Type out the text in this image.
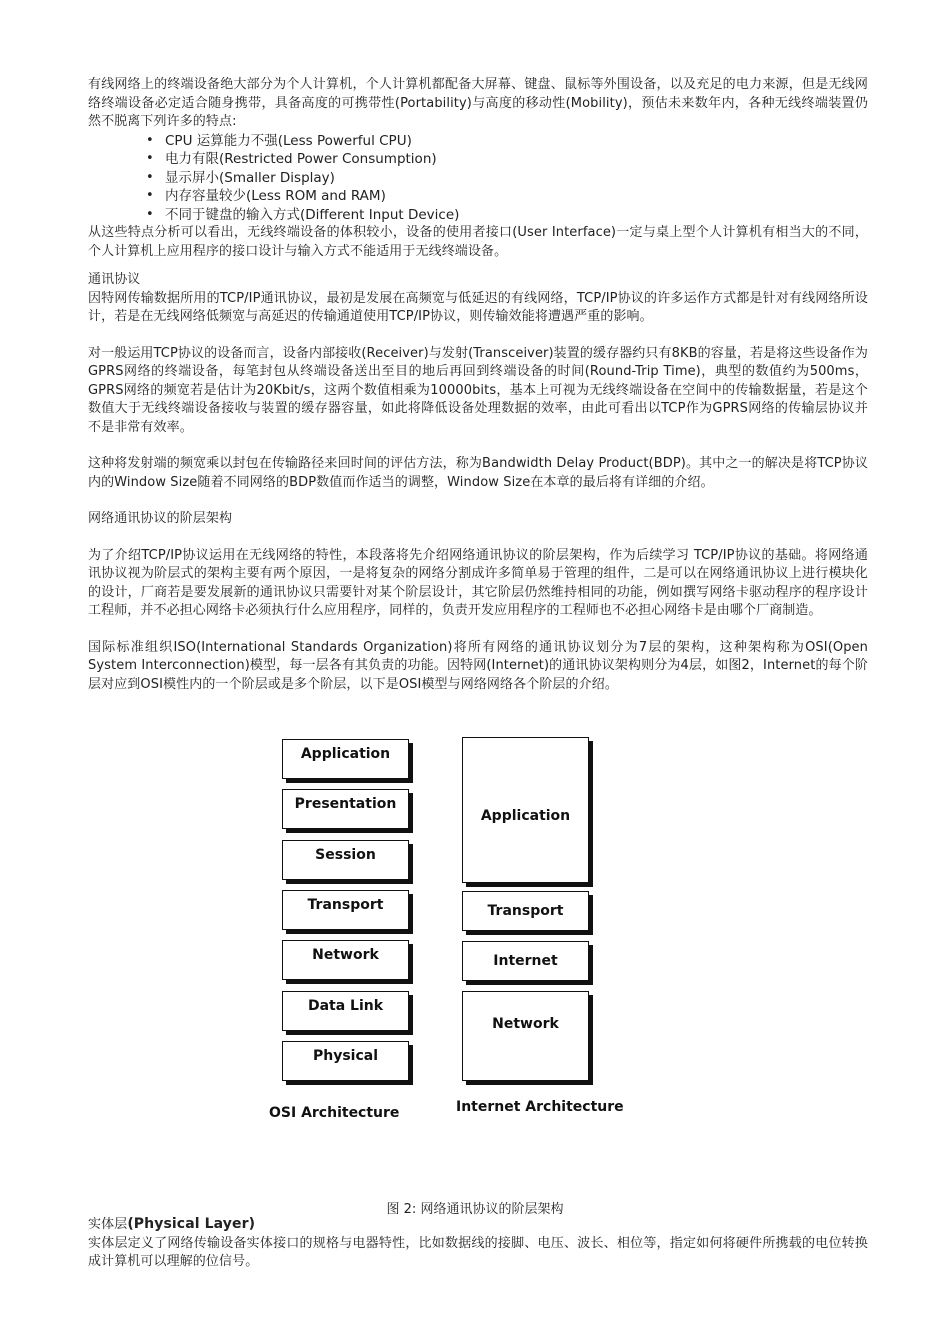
有线网络上的终端设备绝大部分为个人计算机，个人计算机都配备大屏幕、键盘、鼠标等外围设备，以及充足的电力来源，但是无线网络终端设备必定适合随身携带，具备高度的可携带性(Portability)与高度的移动性(Mobility)，预估未来数年内，各种无线终端装置仍然不脱离下列许多的特点:

• CPU 运算能力不强(Less Powerful CPU)
• 电力有限(Restricted Power Consumption)
• 显示屏小(Smaller Display)
• 内存容量较少(Less ROM and RAM)
• 不同于键盘的输入方式(Different Input Device)

从这些特点分析可以看出，无线终端设备的体积较小，设备的使用者接口(User Interface)一定与桌上型个人计算机有相当大的不同，个人计算机上应用程序的接口设计与输入方式不能适用于无线终端设备。

通讯协议

因特网传输数据所用的TCP/IP通讯协议，最初是发展在高频宽与低延迟的有线网络，TCP/IP协议的许多运作方式都是针对有线网络所设计，若是在无线网络低频宽与高延迟的传输通道使用TCP/IP协议，则传输效能将遭遇严重的影响。

对一般运用TCP协议的设备而言，设备内部接收(Receiver)与发射(Transceiver)装置的缓存器约只有8KB的容量，若是将这些设备作为GPRS网络的终端设备，每笔封包从终端设备送出至目的地后再回到终端设备的时间(Round-Trip Time)，典型的数值约为500ms，GPRS网络的频宽若是估计为20Kbit/s，这两个数值相乘为10000bits，基本上可视为无线终端设备在空间中的传输数据量，若是这个数值大于无线终端设备接收与装置的缓存器容量，如此将降低设备处理数据的效率，由此可看出以TCP作为GPRS网络的传输层协议并不是非常有效率。

这种将发射端的频宽乘以封包在传输路径来回时间的评估方法，称为Bandwidth Delay Product(BDP)。其中之一的解决是将TCP协议内的Window Size随着不同网络的BDP数值而作适当的调整，Window Size在本章的最后将有详细的介绍。

网络通讯协议的阶层架构

为了介绍TCP/IP协议运用在无线网络的特性，本段落将先介绍网络通讯协议的阶层架构，作为后续学习 TCP/IP协议的基础。将网络通讯协议视为阶层式的架构主要有两个原因，一是将复杂的网络分割成许多简单易于管理的组件，二是可以在网络通讯协议上进行模块化的设计，厂商若是要发展新的通讯协议只需要针对某个阶层设计，其它阶层仍然维持相同的功能，例如撰写网络卡驱动程序的程序设计工程师，并不必担心网络卡必须执行什么应用程序，同样的，负责开发应用程序的工程师也不必担心网络卡是由哪个厂商制造。

国际标准组织ISO(International Standards Organization)将所有网络的通讯协议划分为7层的架构，这种架构称为OSI(Open System Interconnection)模型，每一层各有其负责的功能。因特网(Internet)的通讯协议架构则分为4层，如图2，Internet的每个阶层对应到OSI模性内的一个阶层或是多个阶层，以下是OSI模型与网络网络各个阶层的介绍。

Application
Presentation
Session
Transport
Network
Data Link
Physical
Application
Transport
Internet
Network
OSI Architecture	Internet Architecture
图 2: 网络通讯协议的阶层架构

实体层(Physical Layer)

实体层定义了网络传输设备实体接口的规格与电器特性，比如数据线的接脚、电压、波长、相位等，指定如何将硬件所携载的电位转换成计算机可以理解的位信号。
